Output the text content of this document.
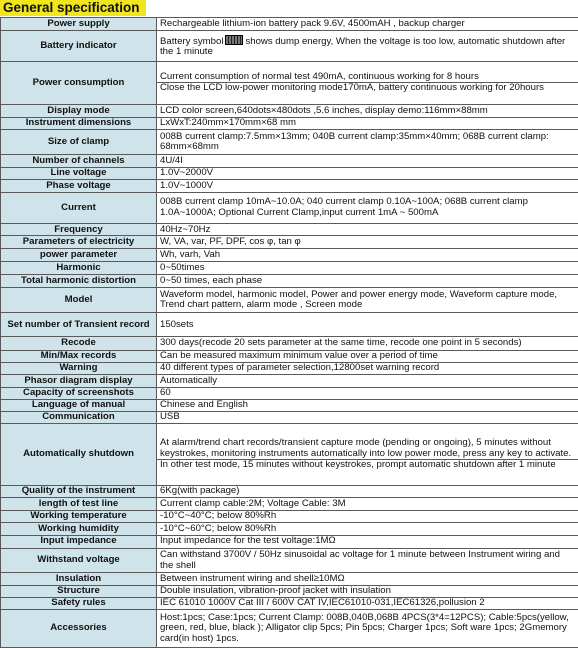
General specification
Power supply	Rechargeable lithium-ion battery pack 9.6V, 4500mAH , backup charger
Battery indicator	Battery symbol shows dump energy, When the voltage is too low, automatic shutdown after the 1 minute
Power consumption	Current consumption of normal test 490mA, continuous working for 8 hours
Close the LCD low-power monitoring mode170mA, battery continuous working for 20hours

Display mode	LCD color screen,640dots×480dots ,5.6 inches, display demo:116mm×88mm
Instrument dimensions	LxWxT:240mm×170mm×68 mm
Size of clamp	008B current clamp:7.5mm×13mm; 040B current clamp:35mm×40mm; 068B current clamp: 68mm×68mm
Number of channels	4U/4I
Line voltage	1.0V~2000V
Phase voltage	1.0V~1000V
Current	008B current clamp 10mA~10.0A; 040 current clamp 0.10A~100A; 068B current clamp 1.0A~1000A; Optional Current Clamp,input current 1mA ~ 500mA
Frequency	40Hz~70Hz
Parameters of electricity	W, VA, var, PF, DPF, cos φ, tan φ
power parameter	Wh, varh, Vah
Harmonic	0~50times
Total harmonic distortion	0~50 times, each phase
Model	Waveform model, harmonic model, Power and power energy mode, Waveform capture mode, Trend chart pattern, alarm mode , Screen mode
Set number of Transient record	150sets
Recode	300 days(recode 20 sets parameter at the same time, recode one point in 5 seconds)
Min/Max records	Can be measured maximum minimum value over a period of time
Warning	40 different types of parameter selection,12800set warning record
Phasor diagram display	Automatically
Capacity of screenshots	60
Language of manual	Chinese and English
Communication	USB
Automatically shutdown	At alarm/trend chart records/transient capture mode (pending or ongoing), 5 minutes without keystrokes, monitoring instruments automatically into low power mode, press any key to activate.
In other test mode, 15 minutes without keystrokes, prompt automatic shutdown after 1 minute

Quality of the instrument	6Kg(with package)
length of test line	Current clamp cable:2M; Voltage Cable: 3M
Working temperature	-10°C~40°C; below 80%Rh
Working humidity	-10°C~60°C; below 80%Rh
Input impedance	Input impedance for the test voltage:1MΩ
Withstand voltage	Can withstand 3700V / 50Hz sinusoidal ac voltage for 1 minute between Instrument wiring and the shell
Insulation	Between instrument wiring and shell≥10MΩ
Structure	Double insulation, vibration-proof jacket with insulation
Safety rules	IEC 61010 1000V Cat III / 600V CAT IV,IEC61010-031,IEC61326,pollusion 2
Accessories	Host:1pcs; Case:1pcs; Current Clamp: 008B,040B,068B 4PCS(3*4=12PCS); Cable:5pcs(yellow, green, red, blue, black ); Alligator clip 5pcs; Pin 5pcs; Charger 1pcs; Soft ware 1pcs; 2Gmemory card(in host) 1pcs.
